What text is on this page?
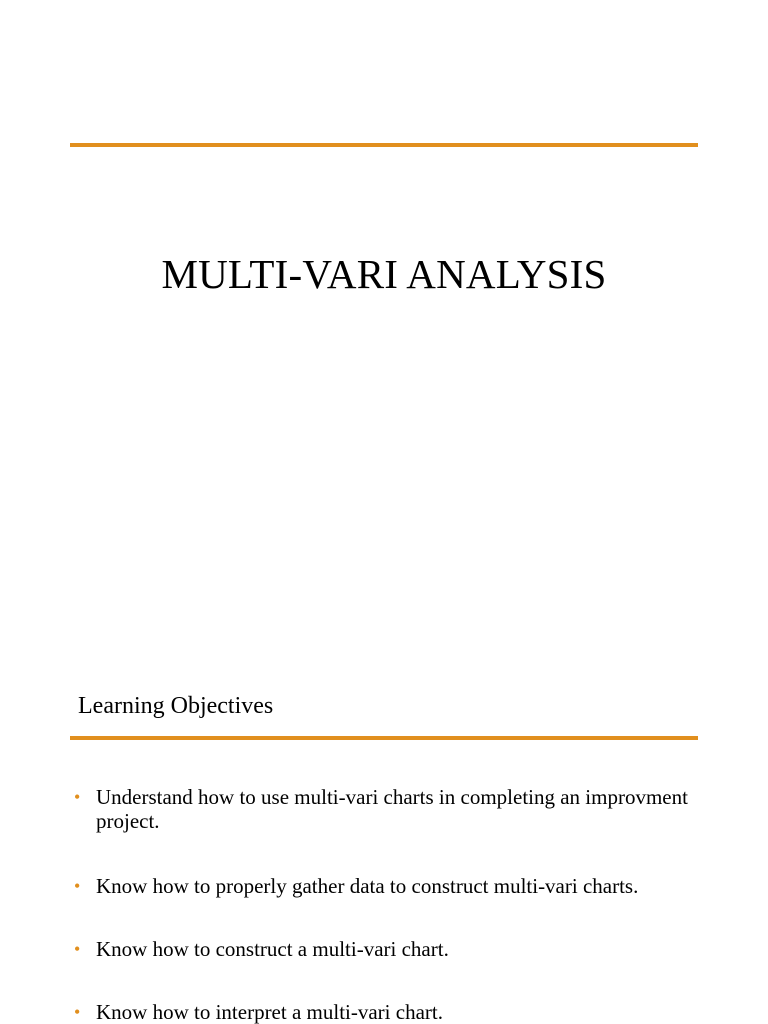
MULTI-VARI ANALYSIS
Learning Objectives
• Understand how to use multi-vari charts in completing an improvment project.
• Know how to properly gather data to construct multi-vari charts.
• Know how to construct a multi-vari chart.
• Know how to interpret a multi-vari chart.
